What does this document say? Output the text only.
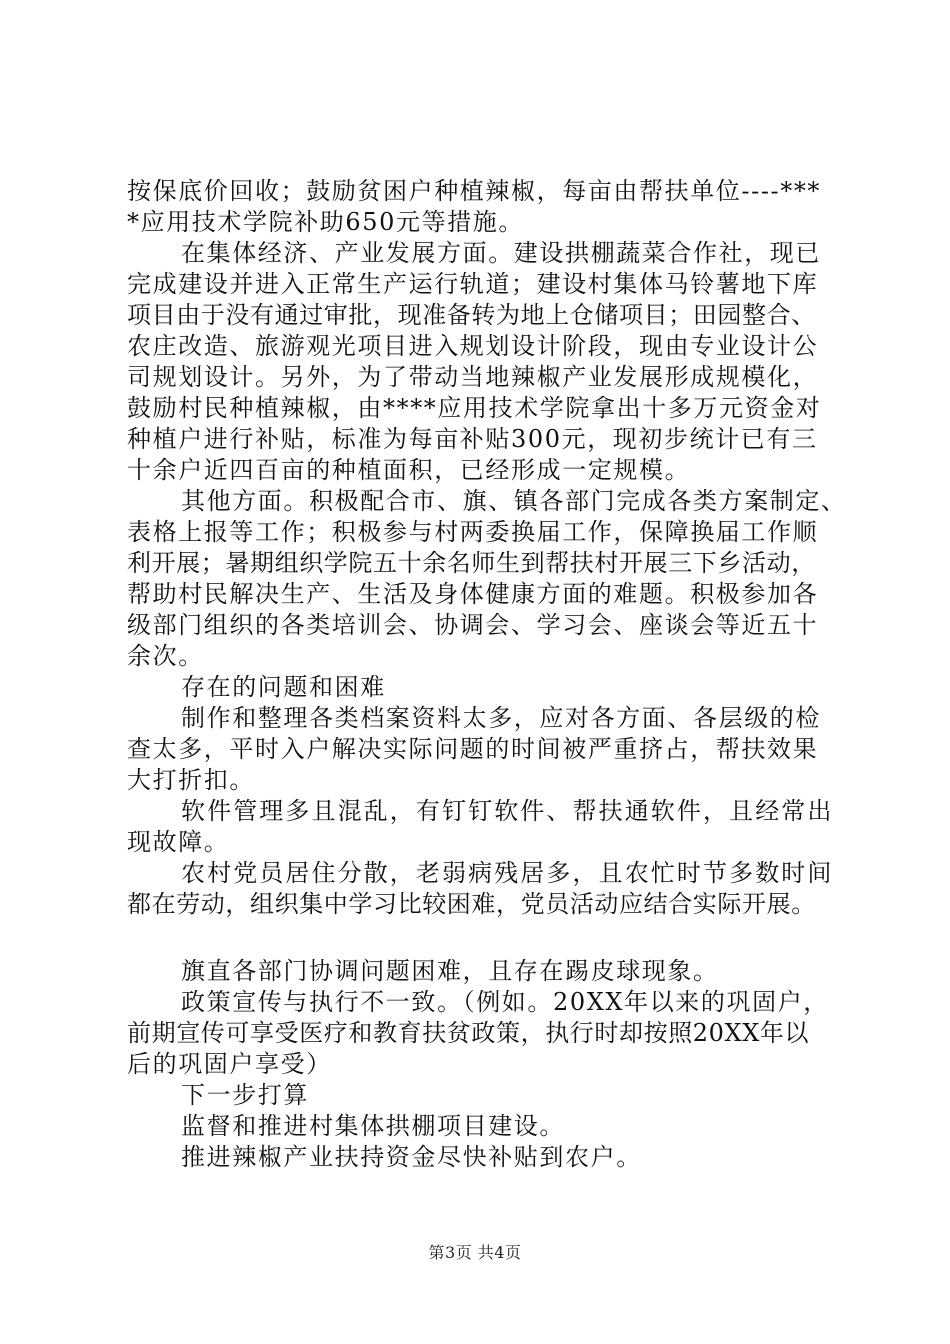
按保底价回收；鼓励贫困户种植辣椒，每亩由帮扶单位----***
*应用技术学院补助650元等措施。
在集体经济、产业发展方面。建设拱棚蔬菜合作社，现已
完成建设并进入正常生产运行轨道；建设村集体马铃薯地下库
项目由于没有通过审批，现准备转为地上仓储项目；田园整合、
农庄改造、旅游观光项目进入规划设计阶段，现由专业设计公
司规划设计。另外，为了带动当地辣椒产业发展形成规模化，
鼓励村民种植辣椒，由****应用技术学院拿出十多万元资金对
种植户进行补贴，标准为每亩补贴300元，现初步统计已有三
十余户近四百亩的种植面积，已经形成一定规模。
其他方面。积极配合市、旗、镇各部门完成各类方案制定、
表格上报等工作；积极参与村两委换届工作，保障换届工作顺
利开展；暑期组织学院五十余名师生到帮扶村开展三下乡活动，
帮助村民解决生产、生活及身体健康方面的难题。积极参加各
级部门组织的各类培训会、协调会、学习会、座谈会等近五十
余次。
存在的问题和困难
制作和整理各类档案资料太多，应对各方面、各层级的检
查太多，平时入户解决实际问题的时间被严重挤占，帮扶效果
大打折扣。
软件管理多且混乱，有钉钉软件、帮扶通软件，且经常出
现故障。
农村党员居住分散，老弱病残居多，且农忙时节多数时间
都在劳动，组织集中学习比较困难，党员活动应结合实际开展。
旗直各部门协调问题困难，且存在踢皮球现象。
政策宣传与执行不一致。（例如。20XX年以来的巩固户，
前期宣传可享受医疗和教育扶贫政策，执行时却按照20XX年以
后的巩固户享受）
下一步打算
监督和推进村集体拱棚项目建设。
推进辣椒产业扶持资金尽快补贴到农户。
第3页 共4页
